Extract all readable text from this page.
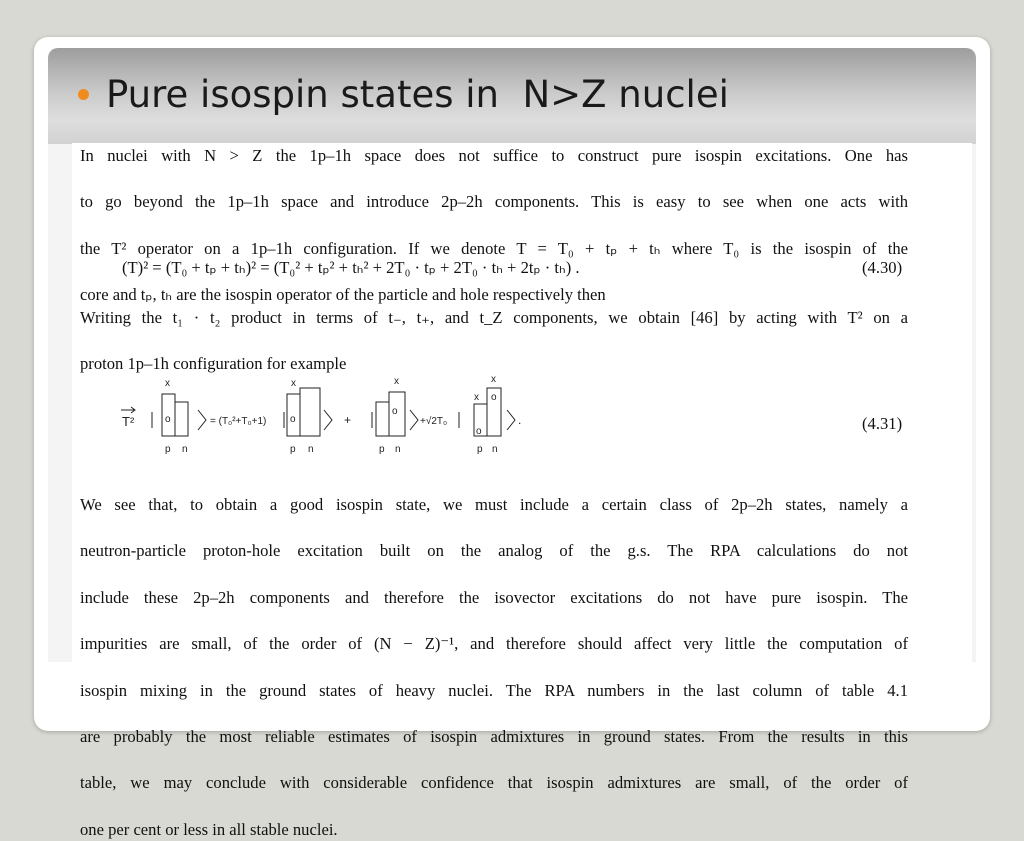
Pure isospin states in  N>Z nuclei
In nuclei with N > Z the 1p–1h space does not suffice to construct pure isospin excitations. One has
to go beyond the 1p–1h space and introduce 2p–2h components. This is easy to see when one acts with
the T² operator on a 1p–1h configuration. If we denote T = T₀ + tₚ + tₕ where T₀ is the isospin of the
core and tₚ, tₕ are the isospin operator of the particle and hole respectively then
(T)² = (T₀ + tₚ + tₕ)² = (T₀² + tₚ² + tₕ² + 2T₀ · tₚ + 2T₀ · tₕ + 2tₚ · tₕ) .	(4.30)
Writing the t₁ · t₂ product in terms of t₋, t₊, and t_Z components, we obtain [46] by acting with T² on a
proton 1p–1h configuration for example
T²
x
o
p n
= (T₀²+T₀+1)
x
o
p n
+
x
o
p n
+√2T₀
x
x
o
o
p n
.	(4.31)
We see that, to obtain a good isospin state, we must include a certain class of 2p–2h states, namely a
neutron-particle proton-hole excitation built on the analog of the g.s. The RPA calculations do not
include these 2p–2h components and therefore the isovector excitations do not have pure isospin. The
impurities are small, of the order of (N − Z)⁻¹, and therefore should affect very little the computation of
isospin mixing in the ground states of heavy nuclei. The RPA numbers in the last column of table 4.1
are probably the most reliable estimates of isospin admixtures in ground states. From the results in this
table, we may conclude with considerable confidence that isospin admixtures are small, of the order of
one per cent or less in all stable nuclei.
